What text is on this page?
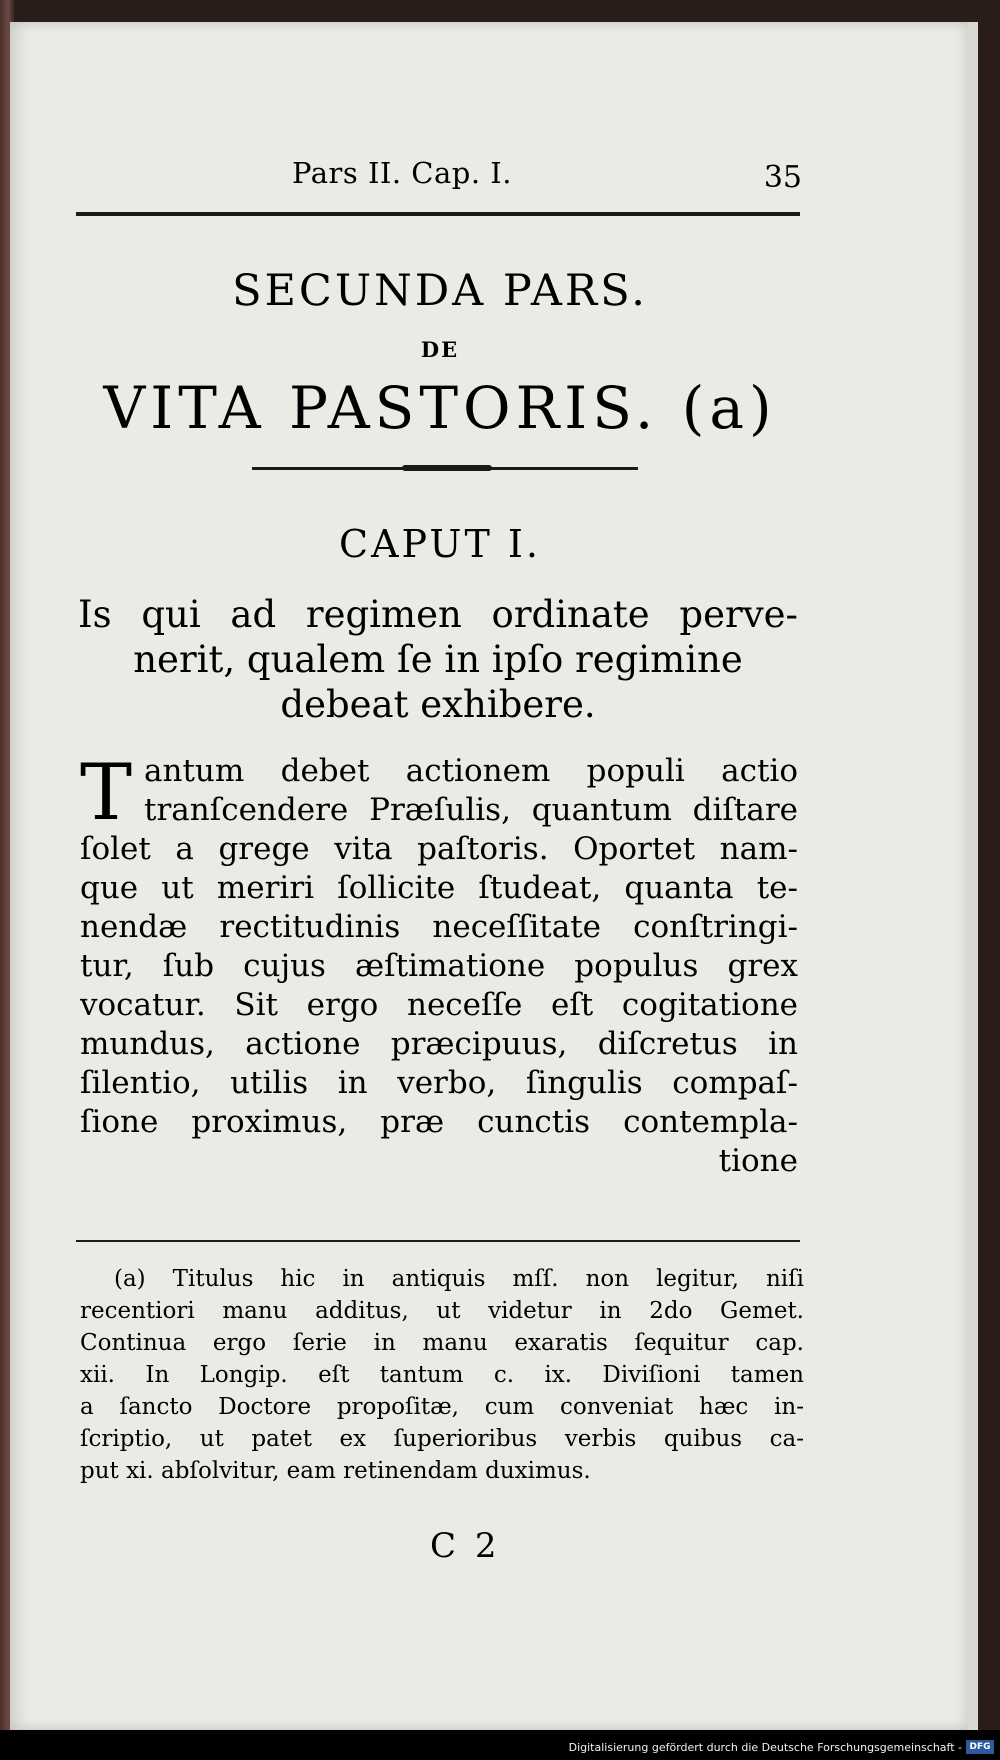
Pars II. Cap. I.	35
SECUNDA PARS.
DE
VITA PASTORIS. (a)
CAPUT I.
Is qui ad regimen ordinate perve-
nerit, qualem ſe in ipſo regimine
debeat exhibere.
T antum debet actionem populi actio
tranſcendere Præſulis, quantum diſtare
ſolet a grege vita paſtoris. Oportet nam-
que ut meriri ſollicite ſtudeat, quanta te-
nendæ rectitudinis neceſſitate conſtringi-
tur, ſub cujus æſtimatione populus grex
vocatur. Sit ergo neceſſe eſt cogitatione
mundus, actione præcipuus, diſcretus in
ſilentio, utilis in verbo, ſingulis compaſ-
ſione proximus, præ cunctis contempla-
tione
(a) Titulus hic in antiquis mſſ. non legitur, niſi
recentiori manu additus, ut videtur in 2do Gemet.
Continua ergo ſerie in manu exaratis ſequitur cap.
xii. In Longip. eſt tantum c. ix. Diviſioni tamen
a ſancto Doctore propoſitæ, cum conveniat hæc in-
ſcriptio, ut patet ex ſuperioribus verbis quibus ca-
put xi. abſolvitur, eam retinendam duximus.
C 2
Digitalisierung gefördert durch die Deutsche Forschungsgemeinschaft - DFG
